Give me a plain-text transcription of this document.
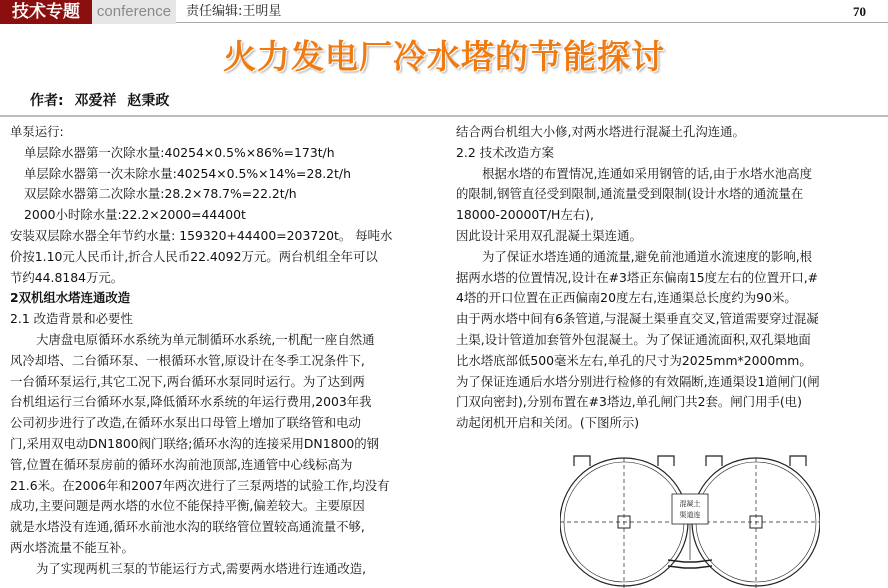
技术专题	conference	责任编辑:王明星	70
火力发电厂冷水塔的节能探讨
作者: 邓爱祥 赵秉政

单泵运行:

单层除水器第一次除水量:40254×0.5%×86%=173t/h

单层除水器第一次未除水量:40254×0.5%×14%=28.2t/h

双层除水器第二次除水量:28.2×78.7%=22.2t/h

2000小时除水量:22.2×2000=44400t

安装双层除水器全年节约水量: 159320+44400=203720t。 每吨水

价按1.10元人民币计,折合人民币22.4092万元。两台机组全年可以

节约44.8184万元。

2双机组水塔连通改造

2.1 改造背景和必要性

大唐盘电原循环水系统为单元制循环水系统,一机配一座自然通

风冷却塔、二台循环泵、一根循环水管,原设计在冬季工况条件下,

一台循环泵运行,其它工况下,两台循环水泵同时运行。为了达到两

台机组运行三台循环水泵,降低循环水系统的年运行费用,2003年我

公司初步进行了改造,在循环水泵出口母管上增加了联络管和电动

门,采用双电动DN1800阀门联络;循环水沟的连接采用DN1800的钢

管,位置在循环泵房前的循环水沟前池顶部,连通管中心线标高为

21.6米。在2006年和2007年两次进行了三泵两塔的试验工作,均没有

成功,主要问题是两水塔的水位不能保持平衡,偏差较大。主要原因

就是水塔没有连通,循环水前池水沟的联络管位置较高通流量不够,

两水塔流量不能互补。

为了实现两机三泵的节能运行方式,需要两水塔进行连通改造,

结合两台机组大小修,对两水塔进行混凝土孔沟连通。

2.2 技术改造方案

根据水塔的布置情况,连通如采用钢管的话,由于水塔水池高度

的限制,钢管直径受到限制,通流量受到限制(设计水塔的通流量在

18000-20000T/H左右),

因此设计采用双孔混凝土渠连通。

为了保证水塔连通的通流量,避免前池通道水流速度的影响,根

据两水塔的位置情况,设计在#3塔正东偏南15度左右的位置开口,#

4塔的开口位置在正西偏南20度左右,连通渠总长度约为90米。

由于两水塔中间有6条管道,与混凝土渠垂直交叉,管道需要穿过混凝

土渠,设计管道加套管外包混凝土。为了保证通流面积,双孔渠地面

比水塔底部低500毫米左右,单孔的尺寸为2025mm*2000mm。

为了保证连通后水塔分别进行检修的有效隔断,连通渠设1道闸门(闸

门双向密封),分别布置在#3塔边,单孔闸门共2套。闸门用手(电)

动起闭机开启和关闭。(下图所示)

混凝土
渠道连
